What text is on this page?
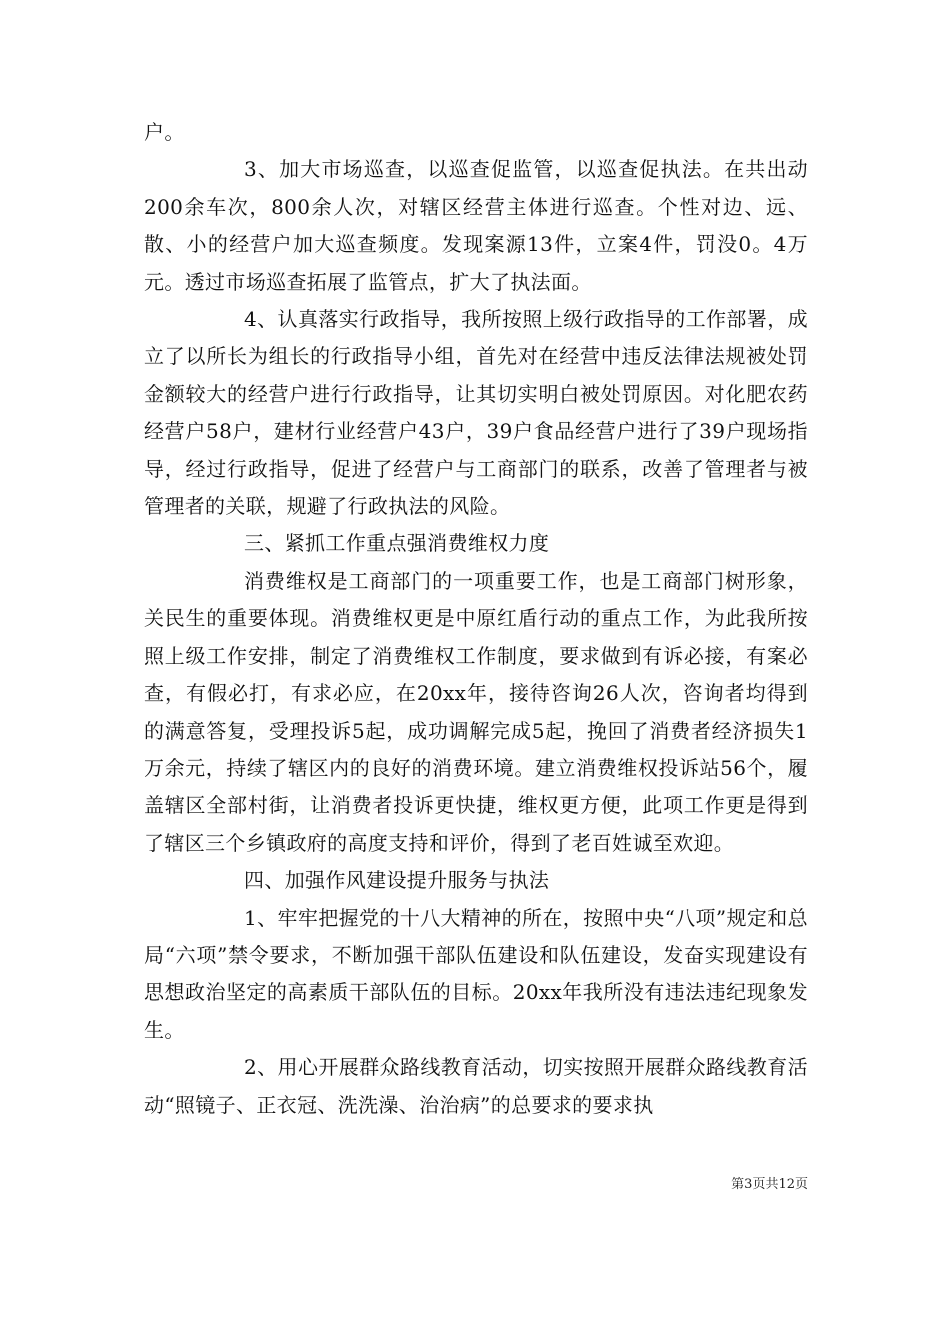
户。

3、加大市场巡查，以巡查促监管，以巡查促执法。在共出动200余车次，800余人次，对辖区经营主体进行巡查。个性对边、远、散、小的经营户加大巡查频度。发现案源13件，立案4件，罚没0。4万元。透过市场巡查拓展了监管点，扩大了执法面。

4、认真落实行政指导，我所按照上级行政指导的工作部署，成立了以所长为组长的行政指导小组，首先对在经营中违反法律法规被处罚金额较大的经营户进行行政指导，让其切实明白被处罚原因。对化肥农药经营户58户，建材行业经营户43户，39户食品经营户进行了39户现场指导，经过行政指导，促进了经营户与工商部门的联系，改善了管理者与被管理者的关联，规避了行政执法的风险。

三、紧抓工作重点强消费维权力度

消费维权是工商部门的一项重要工作，也是工商部门树形象，关民生的重要体现。消费维权更是中原红盾行动的重点工作，为此我所按照上级工作安排，制定了消费维权工作制度，要求做到有诉必接，有案必查，有假必打，有求必应，在20xx年，接待咨询26人次，咨询者均得到的满意答复，受理投诉5起，成功调解完成5起，挽回了消费者经济损失1万余元，持续了辖区内的良好的消费环境。建立消费维权投诉站56个，履盖辖区全部村街，让消费者投诉更快捷，维权更方便，此项工作更是得到了辖区三个乡镇政府的高度支持和评价，得到了老百姓诚至欢迎。

四、加强作风建设提升服务与执法

1、牢牢把握党的十八大精神的所在，按照中央“八项”规定和总局“六项”禁令要求，不断加强干部队伍建设和队伍建设，发奋实现建设有思想政治坚定的高素质干部队伍的目标。20xx年我所没有违法违纪现象发生。

2、用心开展群众路线教育活动，切实按照开展群众路线教育活动“照镜子、正衣冠、洗洗澡、治治病”的总要求的要求执

第3页共12页
